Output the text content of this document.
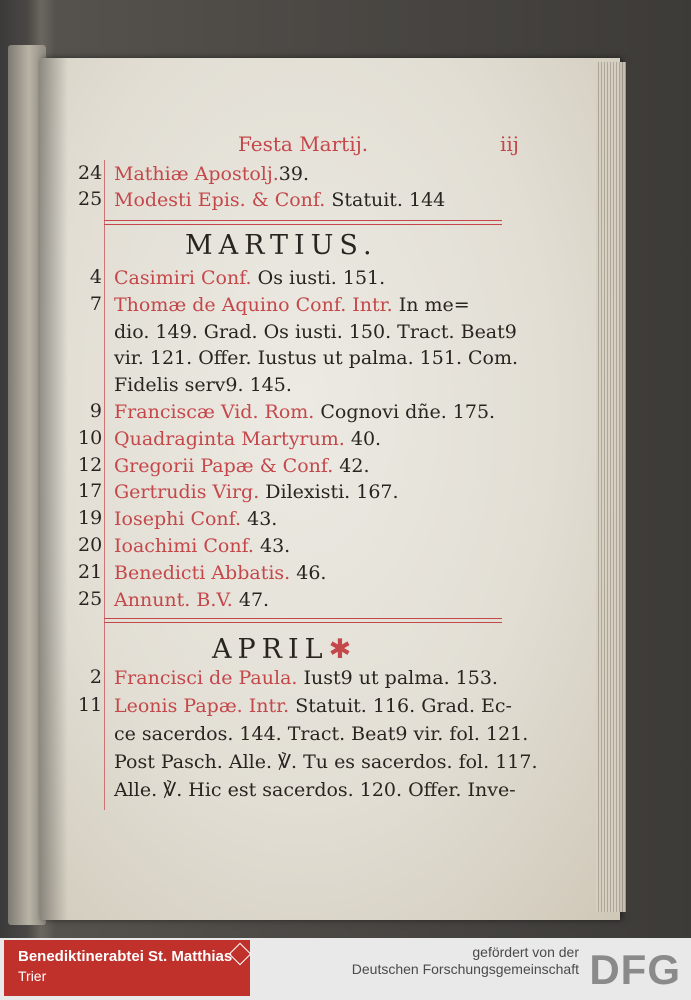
Festa Martij.	iij
24 Mathiæ Apostolj.39.
25 Modesti Epis. & Conf. Statuit. 144
MARTIUS.
4 Casimiri Conf. Os iusti. 151.
7 Thomæ de Aquino Conf. Intr. In me=
dio. 149. Grad. Os iusti. 150. Tract. Beat9
vir. 121. Offer. Iustus ut palma. 151. Com.
Fidelis serv9. 145.
9 Franciscæ Vid. Rom. Cognovi dñe. 175.
10 Quadraginta Martyrum. 40.
12 Gregorii Papæ & Conf. 42.
17 Gertrudis Virg. Dilexisti. 167.
19 Iosephi Conf. 43.
20 Ioachimi Conf. 43.
21 Benedicti Abbatis. 46.
25 Annunt. B.V. 47.
APRIL✱
2 Francisci de Paula. Iust9 ut palma. 153.
11 Leonis Papæ. Intr. Statuit. 116. Grad. Ec-
ce sacerdos. 144. Tract. Beat9 vir. fol. 121.
Post Pasch. Alle. ℣. Tu es sacerdos. fol. 117.
Alle. ℣. Hic est sacerdos. 120. Offer. Inve-
Benediktinerabtei St. Matthias
Trier
gefördert von der
Deutschen Forschungsgemeinschaft DFG
